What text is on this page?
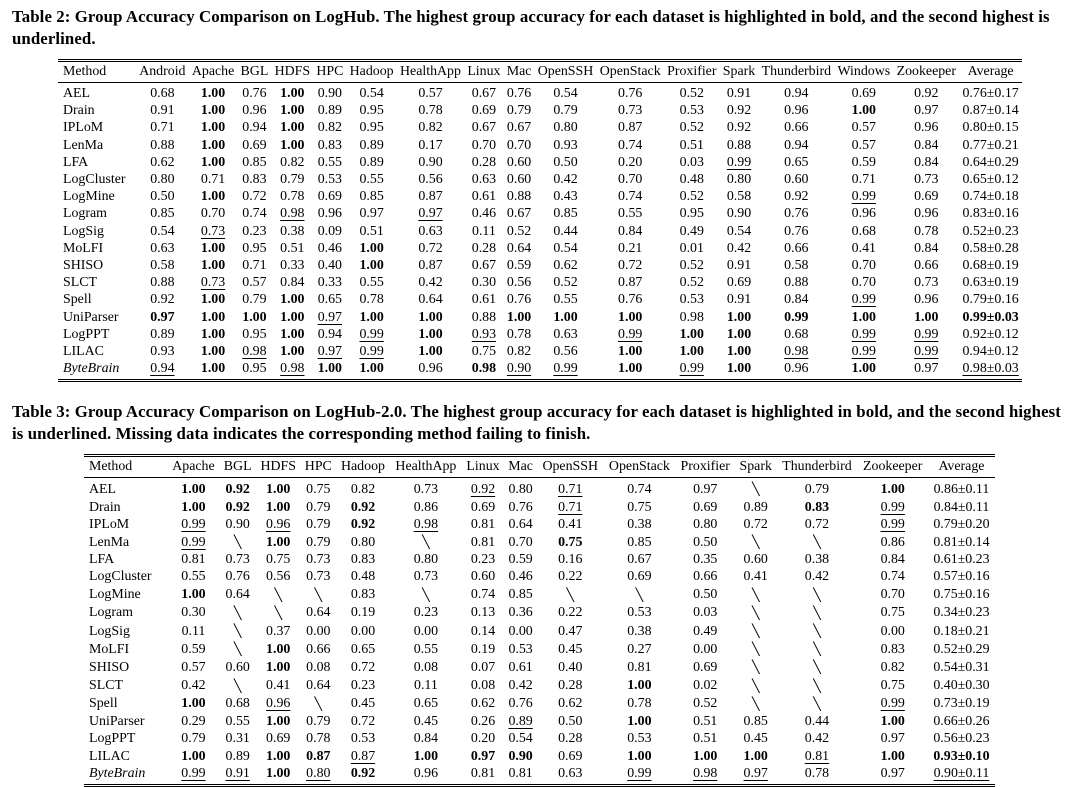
Table 2: Group Accuracy Comparison on LogHub. The highest group accuracy for each dataset is highlighted in bold, and the second highest is underlined.

Method	Android	Apache	BGL	HDFS	HPC	Hadoop	HealthApp	Linux	Mac	OpenSSH	OpenStack	Proxifier	Spark	Thunderbird	Windows	Zookeeper	Average
AEL	0.68	1.00	0.76	1.00	0.90	0.54	0.57	0.67	0.76	0.54	0.76	0.52	0.91	0.94	0.69	0.92	0.76±0.17
Drain	0.91	1.00	0.96	1.00	0.89	0.95	0.78	0.69	0.79	0.79	0.73	0.53	0.92	0.96	1.00	0.97	0.87±0.14
IPLoM	0.71	1.00	0.94	1.00	0.82	0.95	0.82	0.67	0.67	0.80	0.87	0.52	0.92	0.66	0.57	0.96	0.80±0.15
LenMa	0.88	1.00	0.69	1.00	0.83	0.89	0.17	0.70	0.70	0.93	0.74	0.51	0.88	0.94	0.57	0.84	0.77±0.21
LFA	0.62	1.00	0.85	0.82	0.55	0.89	0.90	0.28	0.60	0.50	0.20	0.03	0.99	0.65	0.59	0.84	0.64±0.29
LogCluster	0.80	0.71	0.83	0.79	0.53	0.55	0.56	0.63	0.60	0.42	0.70	0.48	0.80	0.60	0.71	0.73	0.65±0.12
LogMine	0.50	1.00	0.72	0.78	0.69	0.85	0.87	0.61	0.88	0.43	0.74	0.52	0.58	0.92	0.99	0.69	0.74±0.18
Logram	0.85	0.70	0.74	0.98	0.96	0.97	0.97	0.46	0.67	0.85	0.55	0.95	0.90	0.76	0.96	0.96	0.83±0.16
LogSig	0.54	0.73	0.23	0.38	0.09	0.51	0.63	0.11	0.52	0.44	0.84	0.49	0.54	0.76	0.68	0.78	0.52±0.23
MoLFI	0.63	1.00	0.95	0.51	0.46	1.00	0.72	0.28	0.64	0.54	0.21	0.01	0.42	0.66	0.41	0.84	0.58±0.28
SHISO	0.58	1.00	0.71	0.33	0.40	1.00	0.87	0.67	0.59	0.62	0.72	0.52	0.91	0.58	0.70	0.66	0.68±0.19
SLCT	0.88	0.73	0.57	0.84	0.33	0.55	0.42	0.30	0.56	0.52	0.87	0.52	0.69	0.88	0.70	0.73	0.63±0.19
Spell	0.92	1.00	0.79	1.00	0.65	0.78	0.64	0.61	0.76	0.55	0.76	0.53	0.91	0.84	0.99	0.96	0.79±0.16
UniParser	0.97	1.00	1.00	1.00	0.97	1.00	1.00	0.88	1.00	1.00	1.00	0.98	1.00	0.99	1.00	1.00	0.99±0.03
LogPPT	0.89	1.00	0.95	1.00	0.94	0.99	1.00	0.93	0.78	0.63	0.99	1.00	1.00	0.68	0.99	0.99	0.92±0.12
LILAC	0.93	1.00	0.98	1.00	0.97	0.99	1.00	0.75	0.82	0.56	1.00	1.00	1.00	0.98	0.99	0.99	0.94±0.12
ByteBrain	0.94	1.00	0.95	0.98	1.00	1.00	0.96	0.98	0.90	0.99	1.00	0.99	1.00	0.96	1.00	0.97	0.98±0.03

Table 3: Group Accuracy Comparison on LogHub-2.0. The highest group accuracy for each dataset is highlighted in bold, and the second highest is underlined. Missing data indicates the corresponding method failing to finish.

Method	Apache	BGL	HDFS	HPC	Hadoop	HealthApp	Linux	Mac	OpenSSH	OpenStack	Proxifier	Spark	Thunderbird	Zookeeper	Average
AEL	1.00	0.92	1.00	0.75	0.82	0.73	0.92	0.80	0.71	0.74	0.97	╲	0.79	1.00	0.86±0.11
Drain	1.00	0.92	1.00	0.79	0.92	0.86	0.69	0.76	0.71	0.75	0.69	0.89	0.83	0.99	0.84±0.11
IPLoM	0.99	0.90	0.96	0.79	0.92	0.98	0.81	0.64	0.41	0.38	0.80	0.72	0.72	0.99	0.79±0.20
LenMa	0.99	╲	1.00	0.79	0.80	╲	0.81	0.70	0.75	0.85	0.50	╲	╲	0.86	0.81±0.14
LFA	0.81	0.73	0.75	0.73	0.83	0.80	0.23	0.59	0.16	0.67	0.35	0.60	0.38	0.84	0.61±0.23
LogCluster	0.55	0.76	0.56	0.73	0.48	0.73	0.60	0.46	0.22	0.69	0.66	0.41	0.42	0.74	0.57±0.16
LogMine	1.00	0.64	╲	╲	0.83	╲	0.74	0.85	╲	╲	0.50	╲	╲	0.70	0.75±0.16
Logram	0.30	╲	╲	0.64	0.19	0.23	0.13	0.36	0.22	0.53	0.03	╲	╲	0.75	0.34±0.23
LogSig	0.11	╲	0.37	0.00	0.00	0.00	0.14	0.00	0.47	0.38	0.49	╲	╲	0.00	0.18±0.21
MoLFI	0.59	╲	1.00	0.66	0.65	0.55	0.19	0.53	0.45	0.27	0.00	╲	╲	0.83	0.52±0.29
SHISO	0.57	0.60	1.00	0.08	0.72	0.08	0.07	0.61	0.40	0.81	0.69	╲	╲	0.82	0.54±0.31
SLCT	0.42	╲	0.41	0.64	0.23	0.11	0.08	0.42	0.28	1.00	0.02	╲	╲	0.75	0.40±0.30
Spell	1.00	0.68	0.96	╲	0.45	0.65	0.62	0.76	0.62	0.78	0.52	╲	╲	0.99	0.73±0.19
UniParser	0.29	0.55	1.00	0.79	0.72	0.45	0.26	0.89	0.50	1.00	0.51	0.85	0.44	1.00	0.66±0.26
LogPPT	0.79	0.31	0.69	0.78	0.53	0.84	0.20	0.54	0.28	0.53	0.51	0.45	0.42	0.97	0.56±0.23
LILAC	1.00	0.89	1.00	0.87	0.87	1.00	0.97	0.90	0.69	1.00	1.00	1.00	0.81	1.00	0.93±0.10
ByteBrain	0.99	0.91	1.00	0.80	0.92	0.96	0.81	0.81	0.63	0.99	0.98	0.97	0.78	0.97	0.90±0.11
